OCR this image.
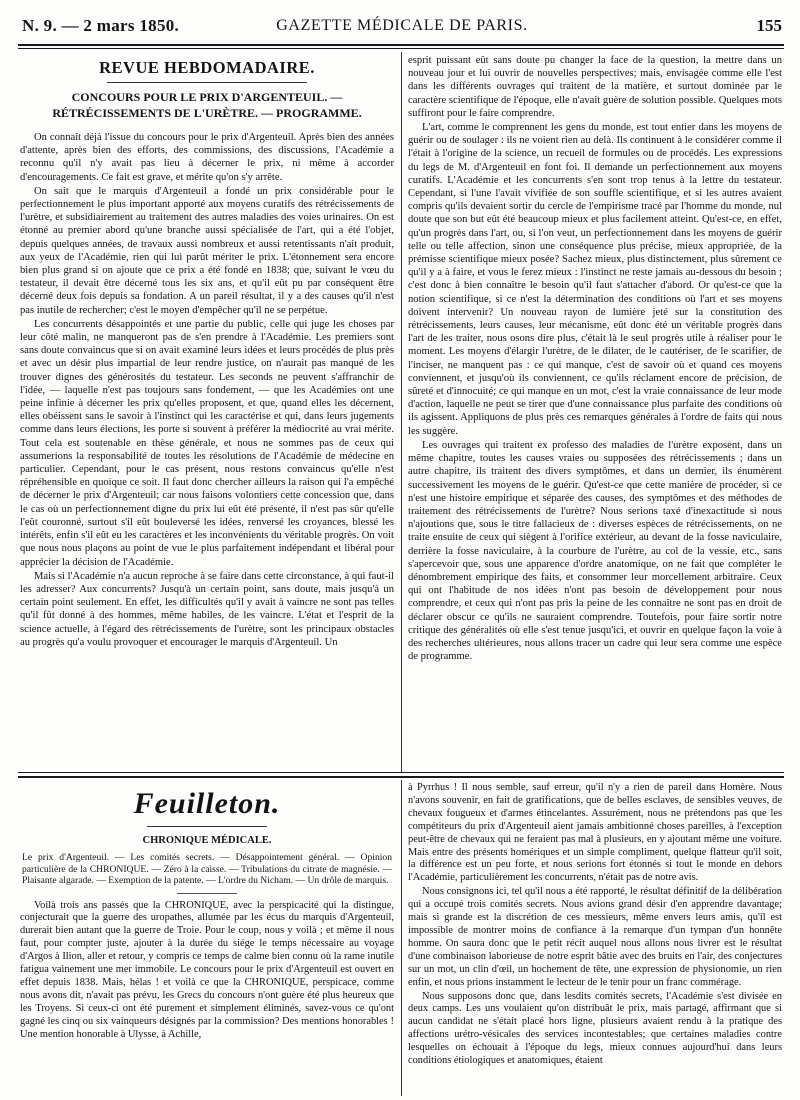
N. 9. — 2 mars 1850.	GAZETTE MÉDICALE DE PARIS.	155
REVUE HEBDOMADAIRE.
CONCOURS POUR LE PRIX D'ARGENTEUIL. — RÉTRÉCISSEMENTS DE L'URÈTRE. — PROGRAMME.

On connaît déjà l'issue du concours pour le prix d'Argenteuil. Après bien des années d'attente, après bien des efforts, des commissions, des discussions, l'Académie a reconnu qu'il n'y avait pas lieu à décerner le prix, ni même à accorder d'encouragements. Ce fait est grave, et mérite qu'on s'y arrête.

On sait que le marquis d'Argenteuil a fondé un prix considérable pour le perfectionnement le plus important apporté aux moyens curatifs des rétrécissements de l'urètre, et subsidiairement au traitement des autres maladies des voies urinaires. On est étonné au premier abord qu'une branche aussi spécialisée de l'art, qui a été l'objet, depuis quelques années, de travaux aussi nombreux et aussi retentissants n'ait produit, aux yeux de l'Académie, rien qui lui parût mériter le prix. L'étonnement sera encore bien plus grand si on ajoute que ce prix a été fondé en 1838; que, suivant le vœu du testateur, il devait être décerné tous les six ans, et qu'il eût pu par conséquent être décerné deux fois depuis sa fondation. A un pareil résultat, il y a des causes qu'il n'est pas inutile de rechercher; c'est le moyen d'empêcher qu'il ne se perpétue.

Les concurrents désappointés et une partie du public, celle qui juge les choses par leur côté malin, ne manqueront pas de s'en prendre à l'Académie. Les premiers sont sans doute convaincus que si on avait examiné leurs idées et leurs procédés de plus près et avec un désir plus impartial de leur rendre justice, on n'aurait pas manqué de les trouver dignes des générosités du testateur. Les seconds ne peuvent s'affranchir de l'idée, — laquelle n'est pas toujours sans fondement, — que les Académies ont une peine infinie à décerner les prix qu'elles proposent, et que, quand elles les décernent, elles obéissent sans le savoir à l'instinct qui les caractérise et qui, dans leurs jugements comme dans leurs élections, les porte si souvent à préférer la médiocrité au vrai mérite. Tout cela est soutenable en thèse générale, et nous ne sommes pas de ceux qui assumerions la responsabilité de toutes les résolutions de l'Académie de médecine en particulier. Cependant, pour le cas présent, nous restons convaincus qu'elle n'est répréhensible en quoique ce soit. Il faut donc chercher ailleurs la raison qui l'a empêché de décerner le prix d'Argenteuil; car nous faisons volontiers cette concession que, dans le cas où un perfectionnement digne du prix lui eût été présenté, il n'est pas sûr qu'elle l'eût couronné, surtout s'il eût bouleversé les idées, renversé les croyances, blessé les intérêts, enfin s'il eût eu les caractères et les inconvénients du véritable progrès. On voit que nous nous plaçons au point de vue le plus parfaitement indépendant et libéral pour apprécier la décision de l'Académie.

Mais si l'Académie n'a aucun reproche à se faire dans cette circonstance, à qui faut-il les adresser? Aux concurrents? Jusqu'à un certain point, sans doute, mais jusqu'à un certain point seulement. En effet, les difficultés qu'il y avait à vaincre ne sont pas telles qu'il fût donné à des hommes, même habiles, de les vaincre. L'état et l'esprit de la science actuelle, à l'égard des rétrécissements de l'urètre, sont les principaux obstacles au progrès qu'a voulu provoquer et encourager le marquis d'Argenteuil. Un

esprit puissant eût sans doute pu changer la face de la question, la mettre dans un nouveau jour et lui ouvrir de nouvelles perspectives; mais, envisagée comme elle l'est dans les différents ouvrages qui traitent de la matière, et surtout dominée par le caractère scientifique de l'époque, elle n'avait guère de solution possible. Quelques mots suffiront pour le faire comprendre.

L'art, comme le comprennent les gens du monde, est tout entier dans les moyens de guérir ou de soulager : ils ne voient rien au delà. Ils continuent à le considérer comme il l'était à l'origine de la science, un recueil de formules ou de procédés. Les expressions du legs de M. d'Argenteuil en font foi. Il demande un perfectionnement aux moyens curatifs. L'Académie et les concurrents s'en sont trop tenus à la lettre du testateur. Cependant, si l'une l'avait vivifiée de son souffle scientifique, et si les autres avaient compris qu'ils devaient sortir du cercle de l'empirisme tracé par l'homme du monde, nul doute que son but eût été beaucoup mieux et plus facilement atteint. Qu'est-ce, en effet, qu'un progrès dans l'art, ou, si l'on veut, un perfectionnement dans les moyens de guérir telle ou telle affection, sinon une conséquence plus précise, mieux appropriée, de la prémisse scientifique mieux posée? Sachez mieux, plus distinctement, plus sûrement ce qu'il y a à faire, et vous le ferez mieux : l'instinct ne reste jamais au-dessous du besoin ; c'est donc à bien connaître le besoin qu'il faut s'attacher d'abord. Or qu'est-ce que la notion scientifique, si ce n'est la détermination des conditions où l'art et ses moyens doivent intervenir? Un nouveau rayon de lumière jeté sur la constitution des rétrécissements, leurs causes, leur mécanisme, eût donc été un véritable progrès dans l'art de les traiter, nous osons dire plus, c'était là le seul progrès utile à réaliser pour le moment. Les moyens d'élargir l'urètre, de le dilater, de le cautériser, de le scarifier, de l'inciser, ne manquent pas : ce qui manque, c'est de savoir où et quand ces moyens conviennent, et jusqu'où ils conviennent, ce qu'ils réclament encore de précision, de sûreté et d'innocuité; ce qui manque en un mot, c'est la vraie connaissance de leur mode d'action, laquelle ne peut se tirer que d'une connaissance plus parfaite des conditions où ils agissent. Appliquons de plus près ces remarques générales à l'ordre de faits qui nous les suggère.

Les ouvrages qui traitent ex professo des maladies de l'urètre exposent, dans un même chapitre, toutes les causes vraies ou supposées des rétrécissements ; dans un autre chapitre, ils traitent des divers symptômes, et dans un dernier, ils énumèrent successivement les moyens de le guérir. Qu'est-ce que cette manière de procéder, si ce n'est une histoire empirique et séparée des causes, des symptômes et des méthodes de traitement des rétrécissements de l'urètre? Nous serions taxé d'inexactitude si nous n'ajoutions que, sous le titre fallacieux de : diverses espèces de rétrécissements, on ne traite ensuite de ceux qui siègent à l'orifice extérieur, au devant de la fosse naviculaire, derrière la fosse naviculaire, à la courbure de l'urètre, au col de la vessie, etc., sans s'apercevoir que, sous une apparence d'ordre anatomique, on ne fait que compléter le dénombrement empirique des faits, et consommer leur morcellement arbitraire. Ceux qui ont l'habitude de nos idées n'ont pas besoin de développement pour nous comprendre, et ceux qui n'ont pas pris la peine de les connaître ne sont pas en droit de déclarer obscur ce qu'ils ne sauraient comprendre. Toutefois, pour faire sortir notre critique des généralités où elle s'est tenue jusqu'ici, et ouvrir en quelque façon la voie à des recherches ultérieures, nous allons tracer un cadre qui leur sera comme une espèce de programme.

Feuilleton.
CHRONIQUE MÉDICALE.
Le prix d'Argenteuil. — Les comités secrets. — Désappointement général. — Opinion particulière de la CHRONIQUE. — Zéro à la caisse. — Tribulations du citrate de magnésie. — Plaisante algarade. — Exemption de la patente. — L'ordre du Nicham. — Un drôle de marquis.

Voilà trois ans passés que la CHRONIQUE, avec la perspicacité qui la distingue, conjecturait que la guerre des uropathes, allumée par les écus du marquis d'Argenteuil, durerait bien autant que la guerre de Troie. Pour le coup, nous y voilà ; et même il nous faut, pour compter juste, ajouter à la durée du siége le temps nécessaire au voyage d'Argos à Ilion, aller et retour, y compris ce temps de calme bien connu où la rame inutile fatigua vainement une mer immobile. Le concours pour le prix d'Argenteuil est ouvert en effet depuis 1838. Mais, hélas ! et voilà ce que la CHRONIQUE, perspicace, comme nous avons dit, n'avait pas prévu, les Grecs du concours n'ont guère été plus heureux que les Troyens. Si ceux-ci ont été purement et simplement éliminés, savez-vous ce qu'ont gagné les cinq ou six vainqueurs désignés par la commission? Des mentions honorables ! Une mention honorable à Ulysse, à Achille,

à Pyrrhus ! Il nous semble, sauf erreur, qu'il n'y a rien de pareil dans Homère. Nous n'avons souvenir, en fait de gratifications, que de belles esclaves, de sensibles veuves, de chevaux fougueux et d'armes étincelantes. Assurément, nous ne prétendons pas que les compétiteurs du prix d'Argenteuil aient jamais ambitionné choses pareilles, à l'exception peut-être de chevaux qui ne feraient pas mal à plusieurs, en y ajoutant même une voiture. Mais entre des présents homériques et un simple compliment, quelque flatteur qu'il soit, la différence est un peu forte, et nous serions fort étonnés si tout le monde en dehors l'Académie, particulièrement les concurrents, n'était pas de notre avis.

Nous consignons ici, tel qu'il nous a été rapporté, le résultat définitif de la délibération qui a occupé trois comités secrets. Nous avions grand désir d'en apprendre davantage; mais si grande est la discrétion de ces messieurs, même envers leurs amis, qu'il est impossible de montrer moins de confiance à la remarque d'un tympan d'un honnête homme. On saura donc que le petit récit auquel nous allons nous livrer est le résultat d'une combinaison laborieuse de notre esprit bâtie avec des bruits en l'air, des conjectures sur un mot, un clin d'œil, un hochement de tête, une expression de physionomie, un rien enfin, et nous prions instamment le lecteur de le tenir pour un franc commérage.

Nous supposons donc que, dans lesdits comités secrets, l'Académie s'est divisée en deux camps. Les uns voulaient qu'on distribuât le prix, mais partagé, affirmant que si aucun candidat ne s'était placé hors ligne, plusieurs avaient rendu à la pratique des affections urétro-vésicales des services incontestables; que certaines maladies contre lesquelles on échouait à l'époque du legs, mieux connues aujourd'hui dans leurs conditions étiologiques et anatomiques, étaient
